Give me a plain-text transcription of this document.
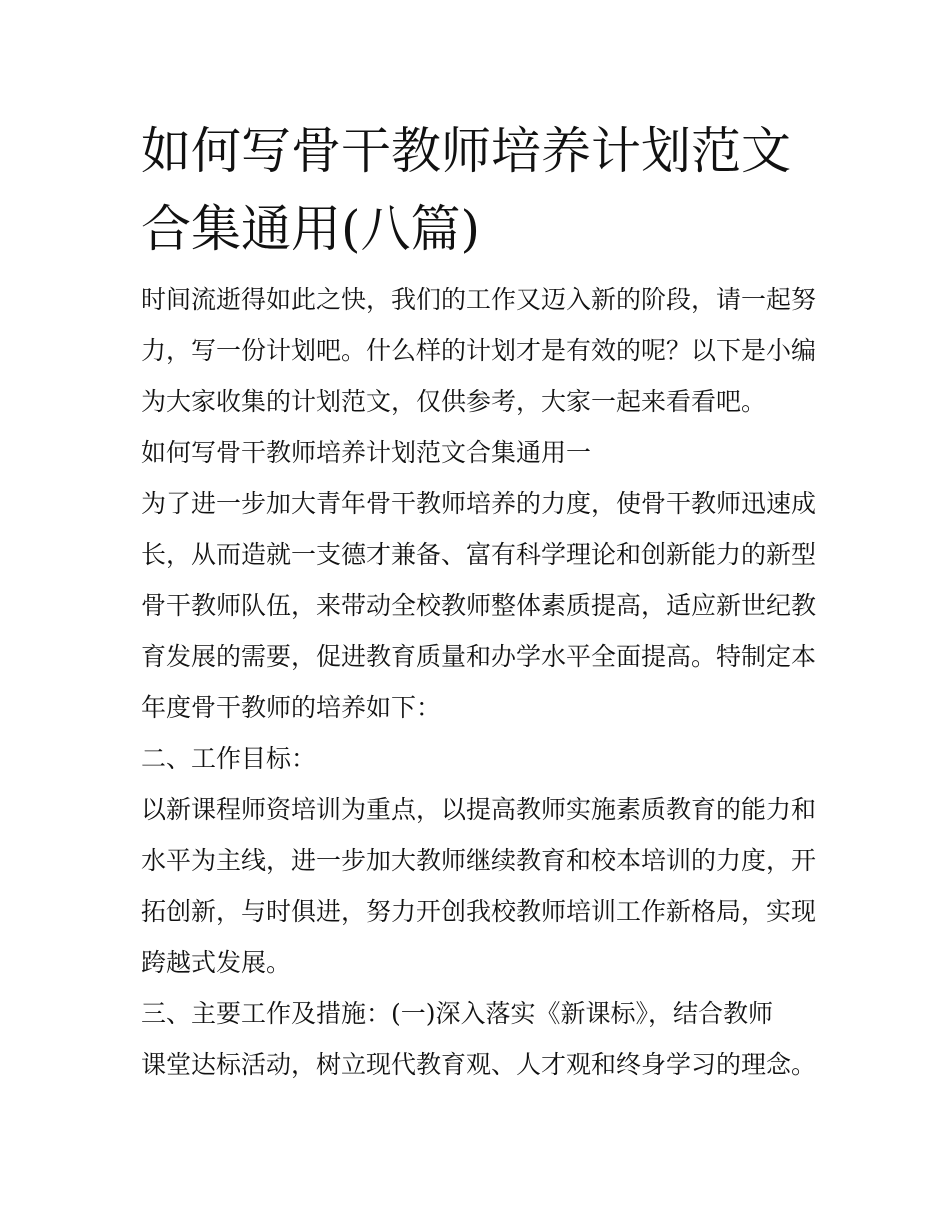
如何写骨干教师培养计划范文
合集通用(八篇)

时间流逝得如此之快，我们的工作又迈入新的阶段，请一起努

力，写一份计划吧。什么样的计划才是有效的呢？以下是小编

为大家收集的计划范文，仅供参考，大家一起来看看吧。

如何写骨干教师培养计划范文合集通用一

为了进一步加大青年骨干教师培养的力度，使骨干教师迅速成

长，从而造就一支德才兼备、富有科学理论和创新能力的新型

骨干教师队伍，来带动全校教师整体素质提高，适应新世纪教

育发展的需要，促进教育质量和办学水平全面提高。特制定本

年度骨干教师的培养如下：

二、工作目标：

以新课程师资培训为重点，以提高教师实施素质教育的能力和

水平为主线，进一步加大教师继续教育和校本培训的力度，开

拓创新，与时俱进，努力开创我校教师培训工作新格局，实现

跨越式发展。

三、主要工作及措施：(一)深入落实《新课标》，结合教师

课堂达标活动，树立现代教育观、人才观和终身学习的理念。
